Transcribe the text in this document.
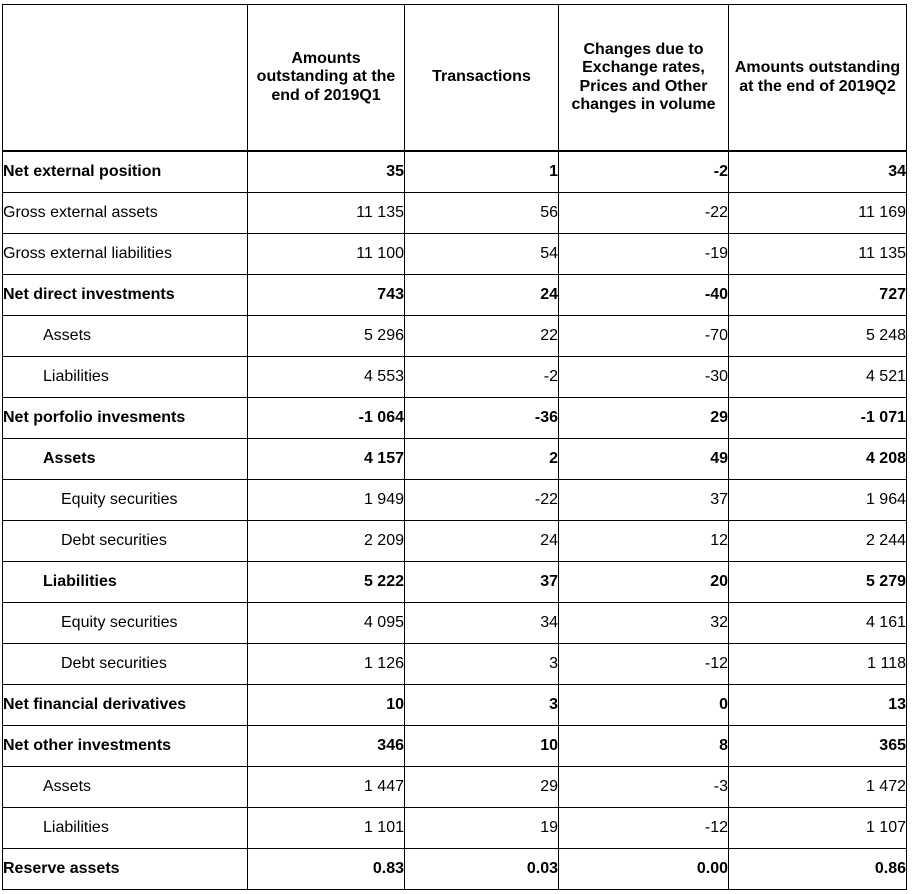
	Amounts outstanding at the end of 2019Q1	Transactions	Changes due to Exchange rates, Prices and Other changes in volume	Amounts outstanding at the end of 2019Q2
Net external position	35	1	-2	34
Gross external assets	11 135	56	-22	11 169
Gross external liabilities	11 100	54	-19	11 135
Net direct investments	743	24	-40	727
Assets	5 296	22	-70	5 248
Liabilities	4 553	-2	-30	4 521
Net porfolio invesments	-1 064	-36	29	-1 071
Assets	4 157	2	49	4 208
Equity securities	1 949	-22	37	1 964
Debt securities	2 209	24	12	2 244
Liabilities	5 222	37	20	5 279
Equity securities	4 095	34	32	4 161
Debt securities	1 126	3	-12	1 118
Net financial derivatives	10	3	0	13
Net other investments	346	10	8	365
Assets	1 447	29	-3	1 472
Liabilities	1 101	19	-12	1 107
Reserve assets	0.83	0.03	0.00	0.86
